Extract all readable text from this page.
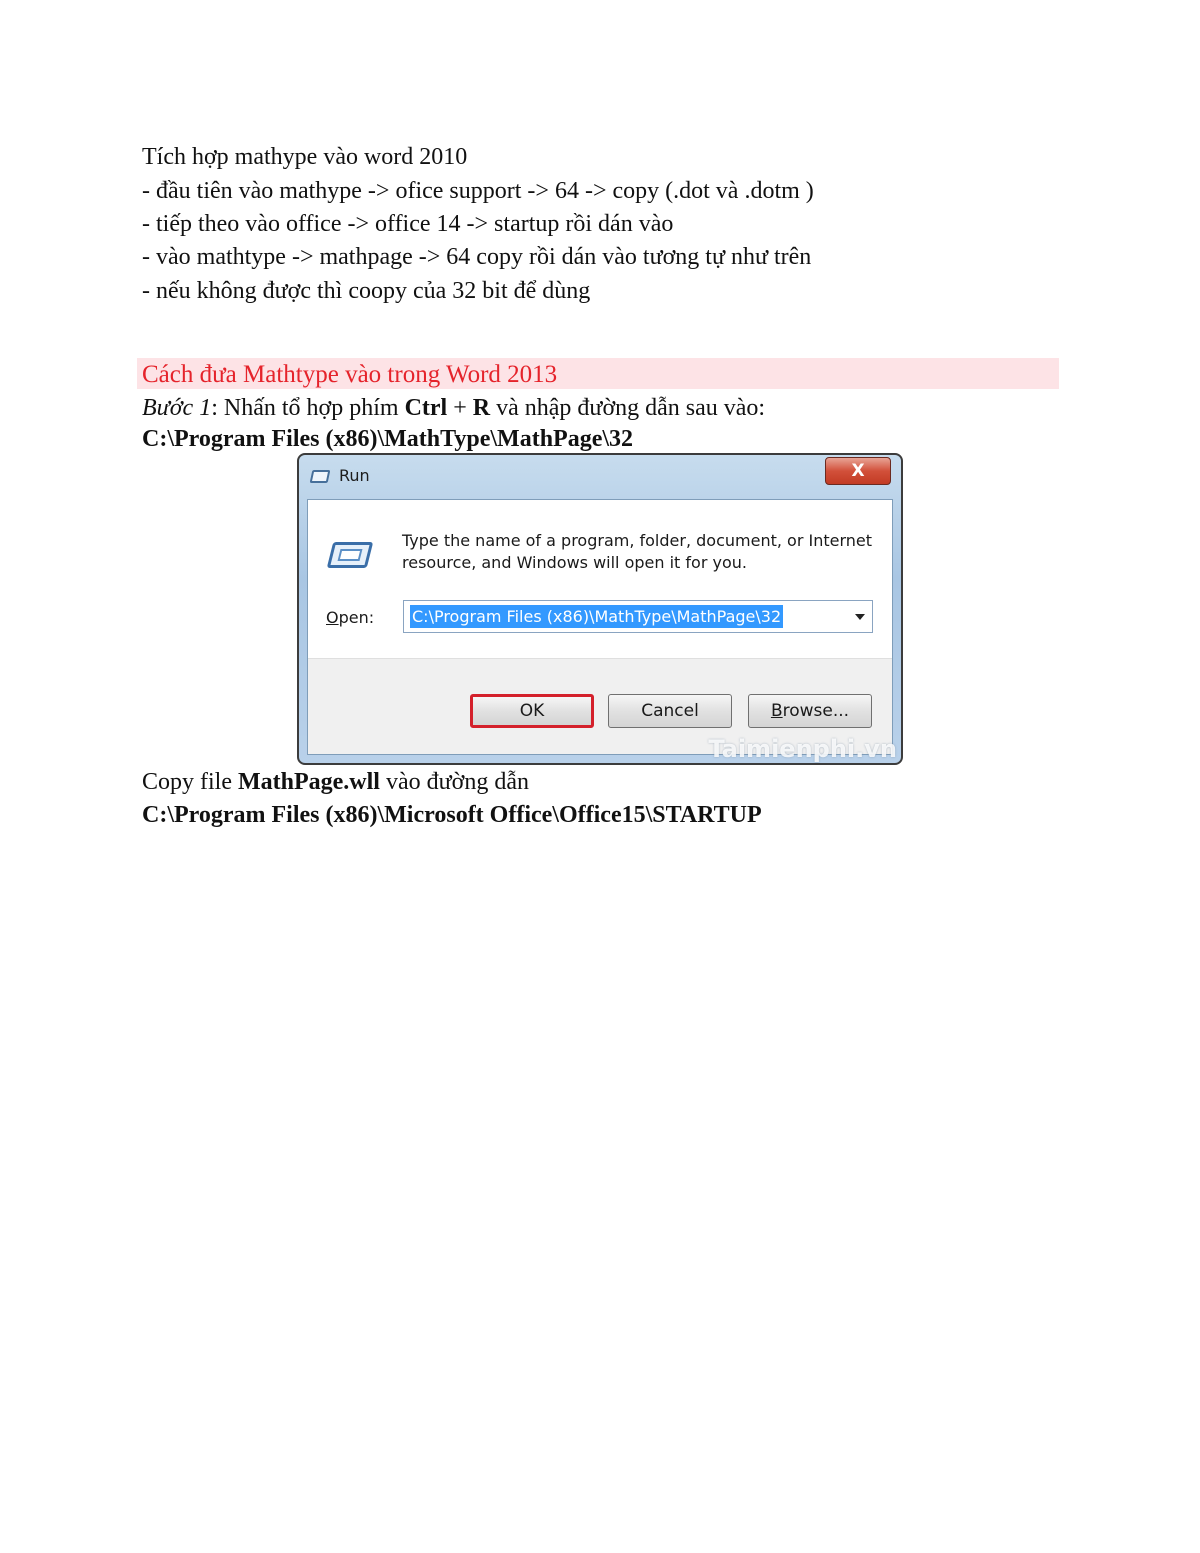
Tích hợp mathype vào word 2010
- đầu tiên vào mathype -> ofice support -> 64 -> copy (.dot và .dotm )
- tiếp theo vào office -> office 14 -> startup rồi dán vào
- vào mathtype -> mathpage -> 64 copy rồi dán vào tương tự như trên
- nếu không được thì coopy của 32 bit để dùng
Cách đưa Mathtype vào trong Word 2013
Bước 1: Nhấn tổ hợp phím Ctrl + R và nhập đường dẫn sau vào:
C:\Program Files (x86)\MathType\MathPage\32
Run	X
Type the name of a program, folder, document, or Internet resource, and Windows will open it for you.
Open: C:\Program Files (x86)\MathType\MathPage\32
OK	Cancel	Browse...
Taimienphi.vn
Copy file MathPage.wll vào đường dẫn
C:\Program Files (x86)\Microsoft Office\Office15\STARTUP
